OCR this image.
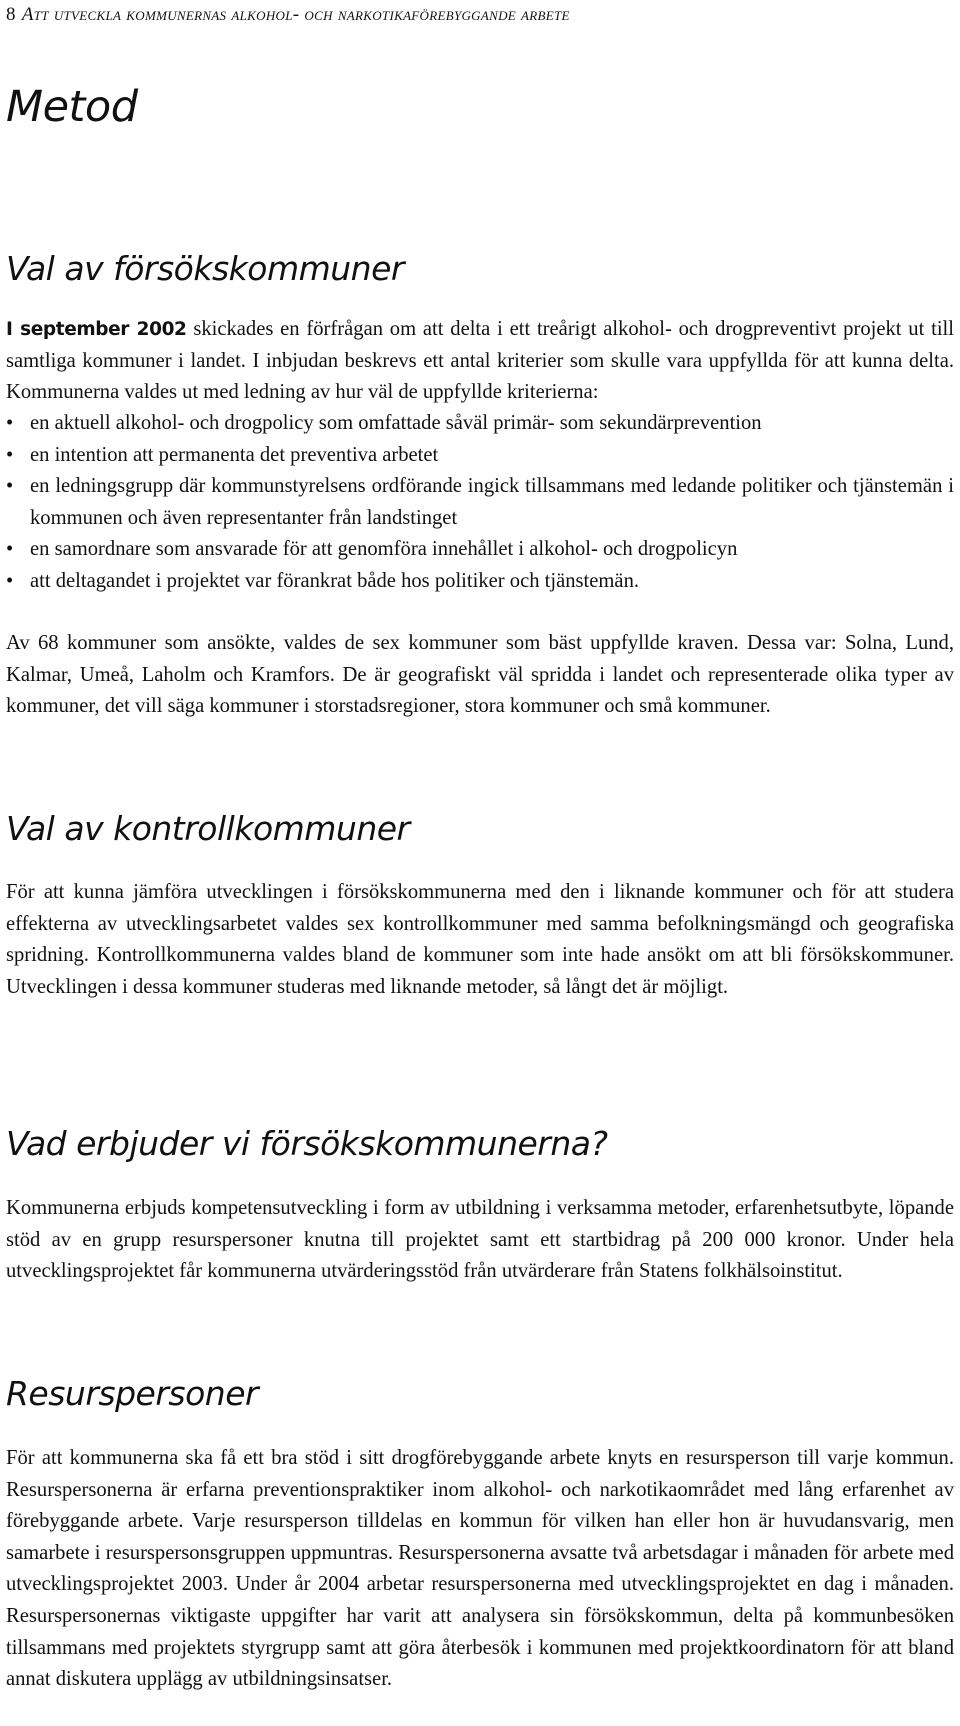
8 Att utveckla kommunernas alkohol- och narkotikaförebyggande arbete
Metod
Val av försökskommuner

I september 2002 skickades en förfrågan om att delta i ett treårigt alkohol- och drogpreventivt projekt ut till samtliga kommuner i landet. I inbjudan beskrevs ett antal kriterier som skulle vara uppfyllda för att kunna delta. Kommunerna valdes ut med ledning av hur väl de uppfyllde kriterierna:

• en aktuell alkohol- och drogpolicy som omfattade såväl primär- som sekundärprevention
• en intention att permanenta det preventiva arbetet
• en ledningsgrupp där kommunstyrelsens ordförande ingick tillsammans med ledande politiker och tjänstemän i kommunen och även representanter från landstinget
• en samordnare som ansvarade för att genomföra innehållet i alkohol- och drogpolicyn
• att deltagandet i projektet var förankrat både hos politiker och tjänstemän.

Av 68 kommuner som ansökte, valdes de sex kommuner som bäst uppfyllde kraven. Dessa var: Solna, Lund, Kalmar, Umeå, Laholm och Kramfors. De är geografiskt väl spridda i landet och representerade olika typer av kommuner, det vill säga kommuner i storstadsregioner, stora kommuner och små kommuner.

Val av kontrollkommuner

För att kunna jämföra utvecklingen i försökskommunerna med den i liknande kommuner och för att studera effekterna av utvecklingsarbetet valdes sex kontrollkommuner med samma befolkningsmängd och geografiska spridning. Kontrollkommunerna valdes bland de kommuner som inte hade ansökt om att bli försökskommuner. Utvecklingen i dessa kommuner studeras med liknande metoder, så långt det är möjligt.

Vad erbjuder vi försökskommunerna?

Kommunerna erbjuds kompetensutveckling i form av utbildning i verksamma metoder, erfarenhetsutbyte, löpande stöd av en grupp resurspersoner knutna till projektet samt ett startbidrag på 200 000 kronor. Under hela utvecklingsprojektet får kommunerna utvärderingsstöd från utvärderare från Statens folkhälsoinstitut.

Resurspersoner

För att kommunerna ska få ett bra stöd i sitt drogförebyggande arbete knyts en resursperson till varje kommun. Resurspersonerna är erfarna preventionspraktiker inom alkohol- och narkotikaområdet med lång erfarenhet av förebyggande arbete. Varje resursperson tilldelas en kommun för vilken han eller hon är huvudansvarig, men samarbete i resurspersonsgruppen uppmuntras. Resurspersonerna avsatte två arbetsdagar i månaden för arbete med utvecklingsprojektet 2003. Under år 2004 arbetar resurspersonerna med utvecklingsprojektet en dag i månaden. Resurspersonernas viktigaste uppgifter har varit att analysera sin försökskommun, delta på kommunbesöken tillsammans med projektets styrgrupp samt att göra återbesök i kommunen med projektkoordinatorn för att bland annat diskutera upplägg av utbildningsinsatser.
